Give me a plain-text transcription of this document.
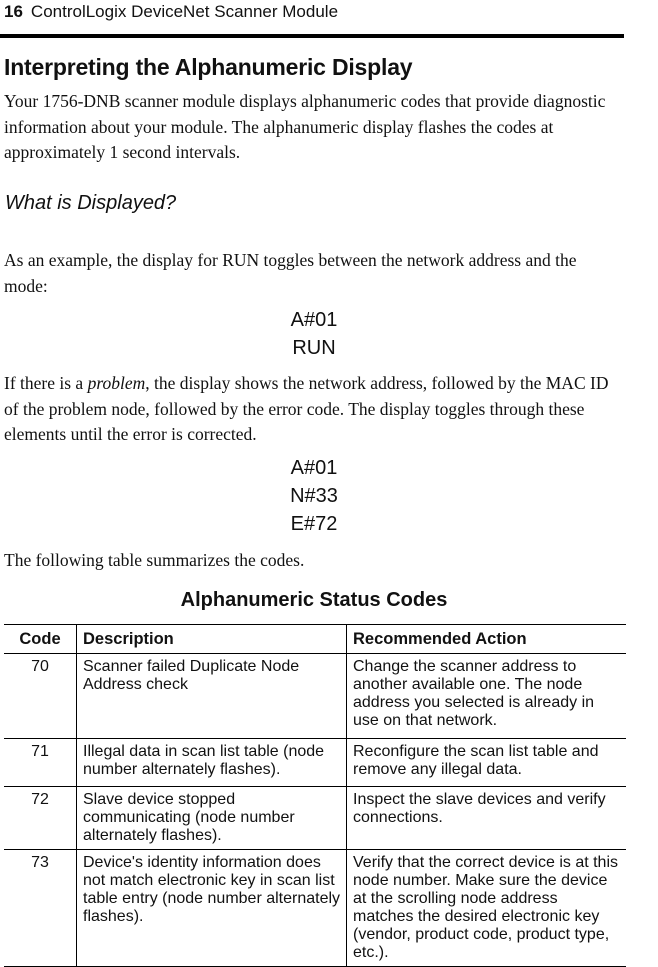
16 ControlLogix DeviceNet Scanner Module
Interpreting the Alphanumeric Display
Your 1756-DNB scanner module displays alphanumeric codes that provide diagnostic information about your module. The alphanumeric display flashes the codes at approximately 1 second intervals.
What is Displayed?
As an example, the display for RUN toggles between the network address and the mode:
A#01
RUN
If there is a problem, the display shows the network address, followed by the MAC ID of the problem node, followed by the error code. The display toggles through these elements until the error is corrected.
A#01
N#33
E#72
The following table summarizes the codes.
Alphanumeric Status Codes
Code	Description	Recommended Action
70	Scanner failed Duplicate Node Address check	Change the scanner address to another available one. The node address you selected is already in use on that network.
71	Illegal data in scan list table (node number alternately flashes).	Reconfigure the scan list table and remove any illegal data.
72	Slave device stopped communicating (node number alternately flashes).	Inspect the slave devices and verify connections.
73	Device's identity information does not match electronic key in scan list table entry (node number alternately flashes).	Verify that the correct device is at this node number. Make sure the device at the scrolling node address matches the desired electronic key (vendor, product code, product type, etc.).
